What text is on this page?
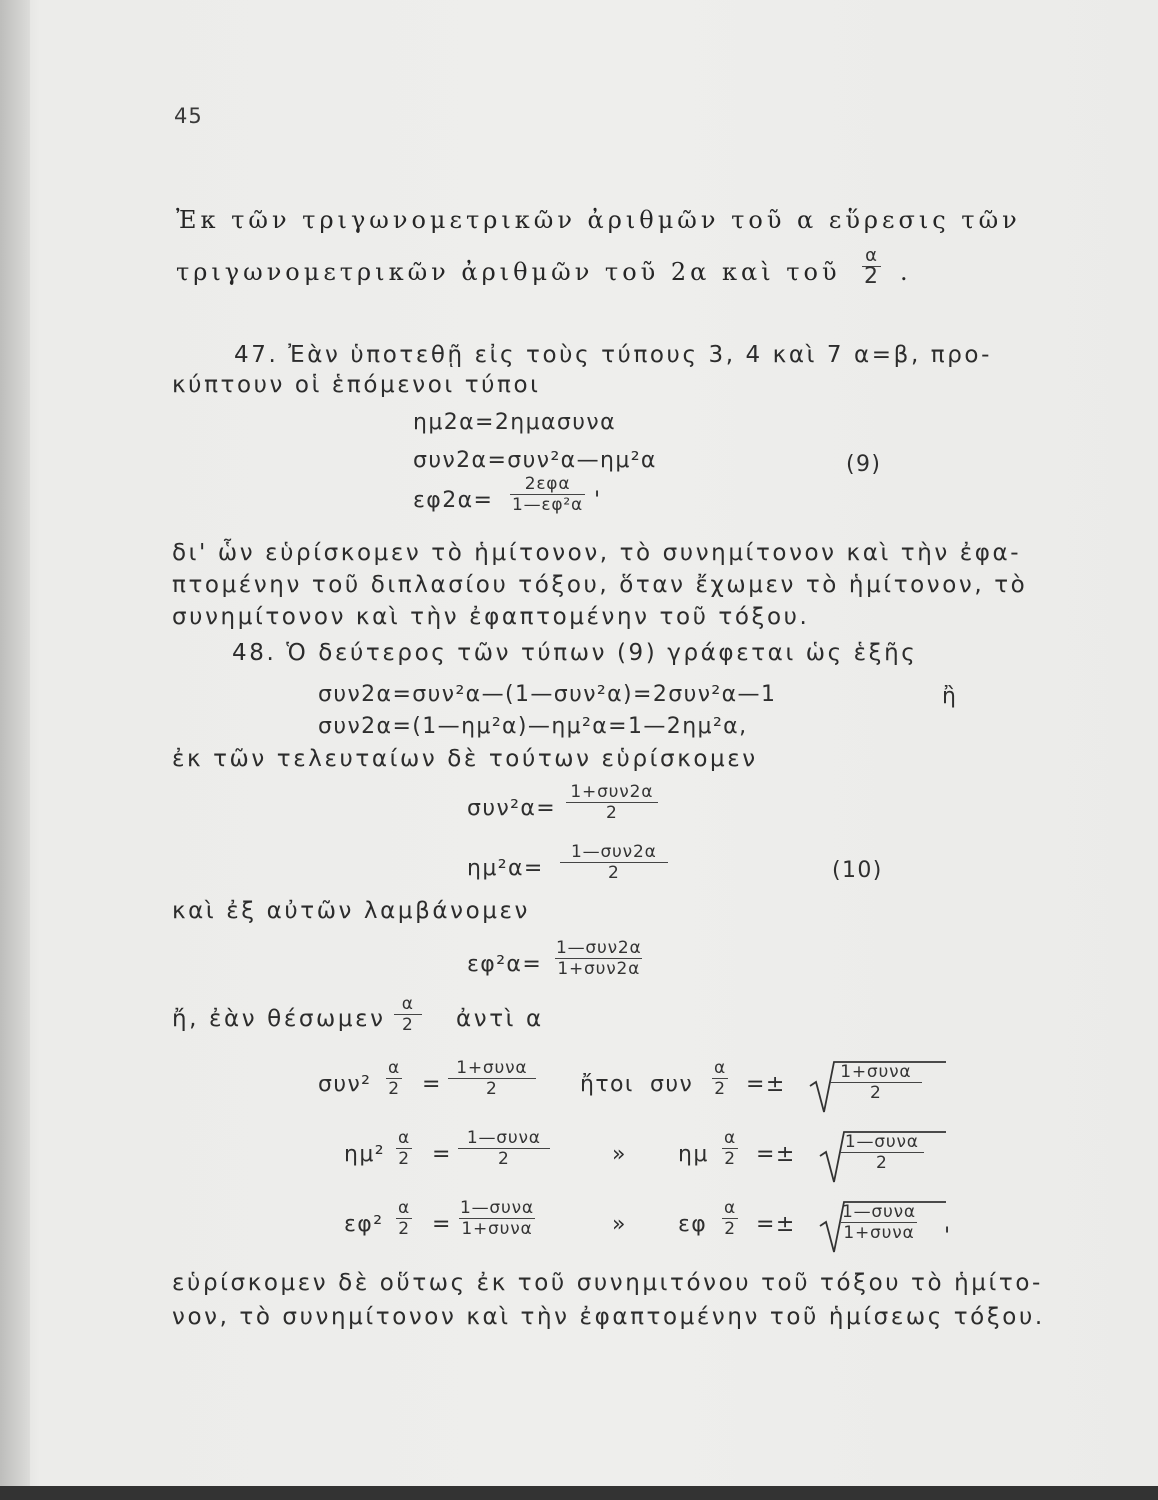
45
Ἐκ τῶν τριγωνομετρικῶν ἀριθμῶν τοῦ α εὕρεσις τῶν
τριγωνομετρικῶν ἀριθμῶν τοῦ 2α καὶ τοῦ
α
2 .
47. Ἐὰν ὑποτεθῇ εἰς τοὺς τύπους 3, 4 καὶ 7 α=β, προ-
κύπτουν οἱ ἑπόμενοι τύποι
ημ2α=2ημασυνα
συν2α=συν²α—ημ²α	(9)
εφ2α=
2εφα
1—εφ²α '
δι' ὧν εὑρίσκομεν τὸ ἡμίτονον, τὸ συνημίτονον καὶ τὴν ἐφα-
πτομένην τοῦ διπλασίου τόξου, ὅταν ἔχωμεν τὸ ἡμίτονον, τὸ
συνημίτονον καὶ τὴν ἐφαπτομένην τοῦ τόξου.
48. Ὁ δεύτερος τῶν τύπων (9) γράφεται ὡς ἑξῆς
συν2α=συν²α—(1—συν²α)=2συν²α—1	ἢ
συν2α=(1—ημ²α)—ημ²α=1—2ημ²α,
ἐκ τῶν τελευταίων δὲ τούτων εὑρίσκομεν
συν²α=
1+συν2α
2
ημ²α=
1—συν2α
2	(10)
καὶ ἐξ αὐτῶν λαμβάνομεν
εφ²α=
1—συν2α
1+συν2α
ἤ, ἐὰν θέσωμεν $\frac{\alpha}{2}$ ἀντὶ α
$\sigma\upsilon\nu^2 \frac{\alpha}{2}$ =
1+συνα
2	ἤτοι συν $\frac{\alpha}{2}$ =±	1+συνα
2
$\eta\mu^2 \frac{\alpha}{2}$ =
1—συνα
2	» ημ $\frac{\alpha}{2}$ =±	1—συνα
2
$\varepsilon\varphi^2 \frac{\alpha}{2}$ =
1—συνα
1+συνα	» εφ $\frac{\alpha}{2}$ =±	1—συνα
1+συνα '
εὑρίσκομεν δὲ οὕτως ἐκ τοῦ συνημιτόνου τοῦ τόξου τὸ ἡμίτο-
νον, τὸ συνημίτονον καὶ τὴν ἐφαπτομένην τοῦ ἡμίσεως τόξου.
